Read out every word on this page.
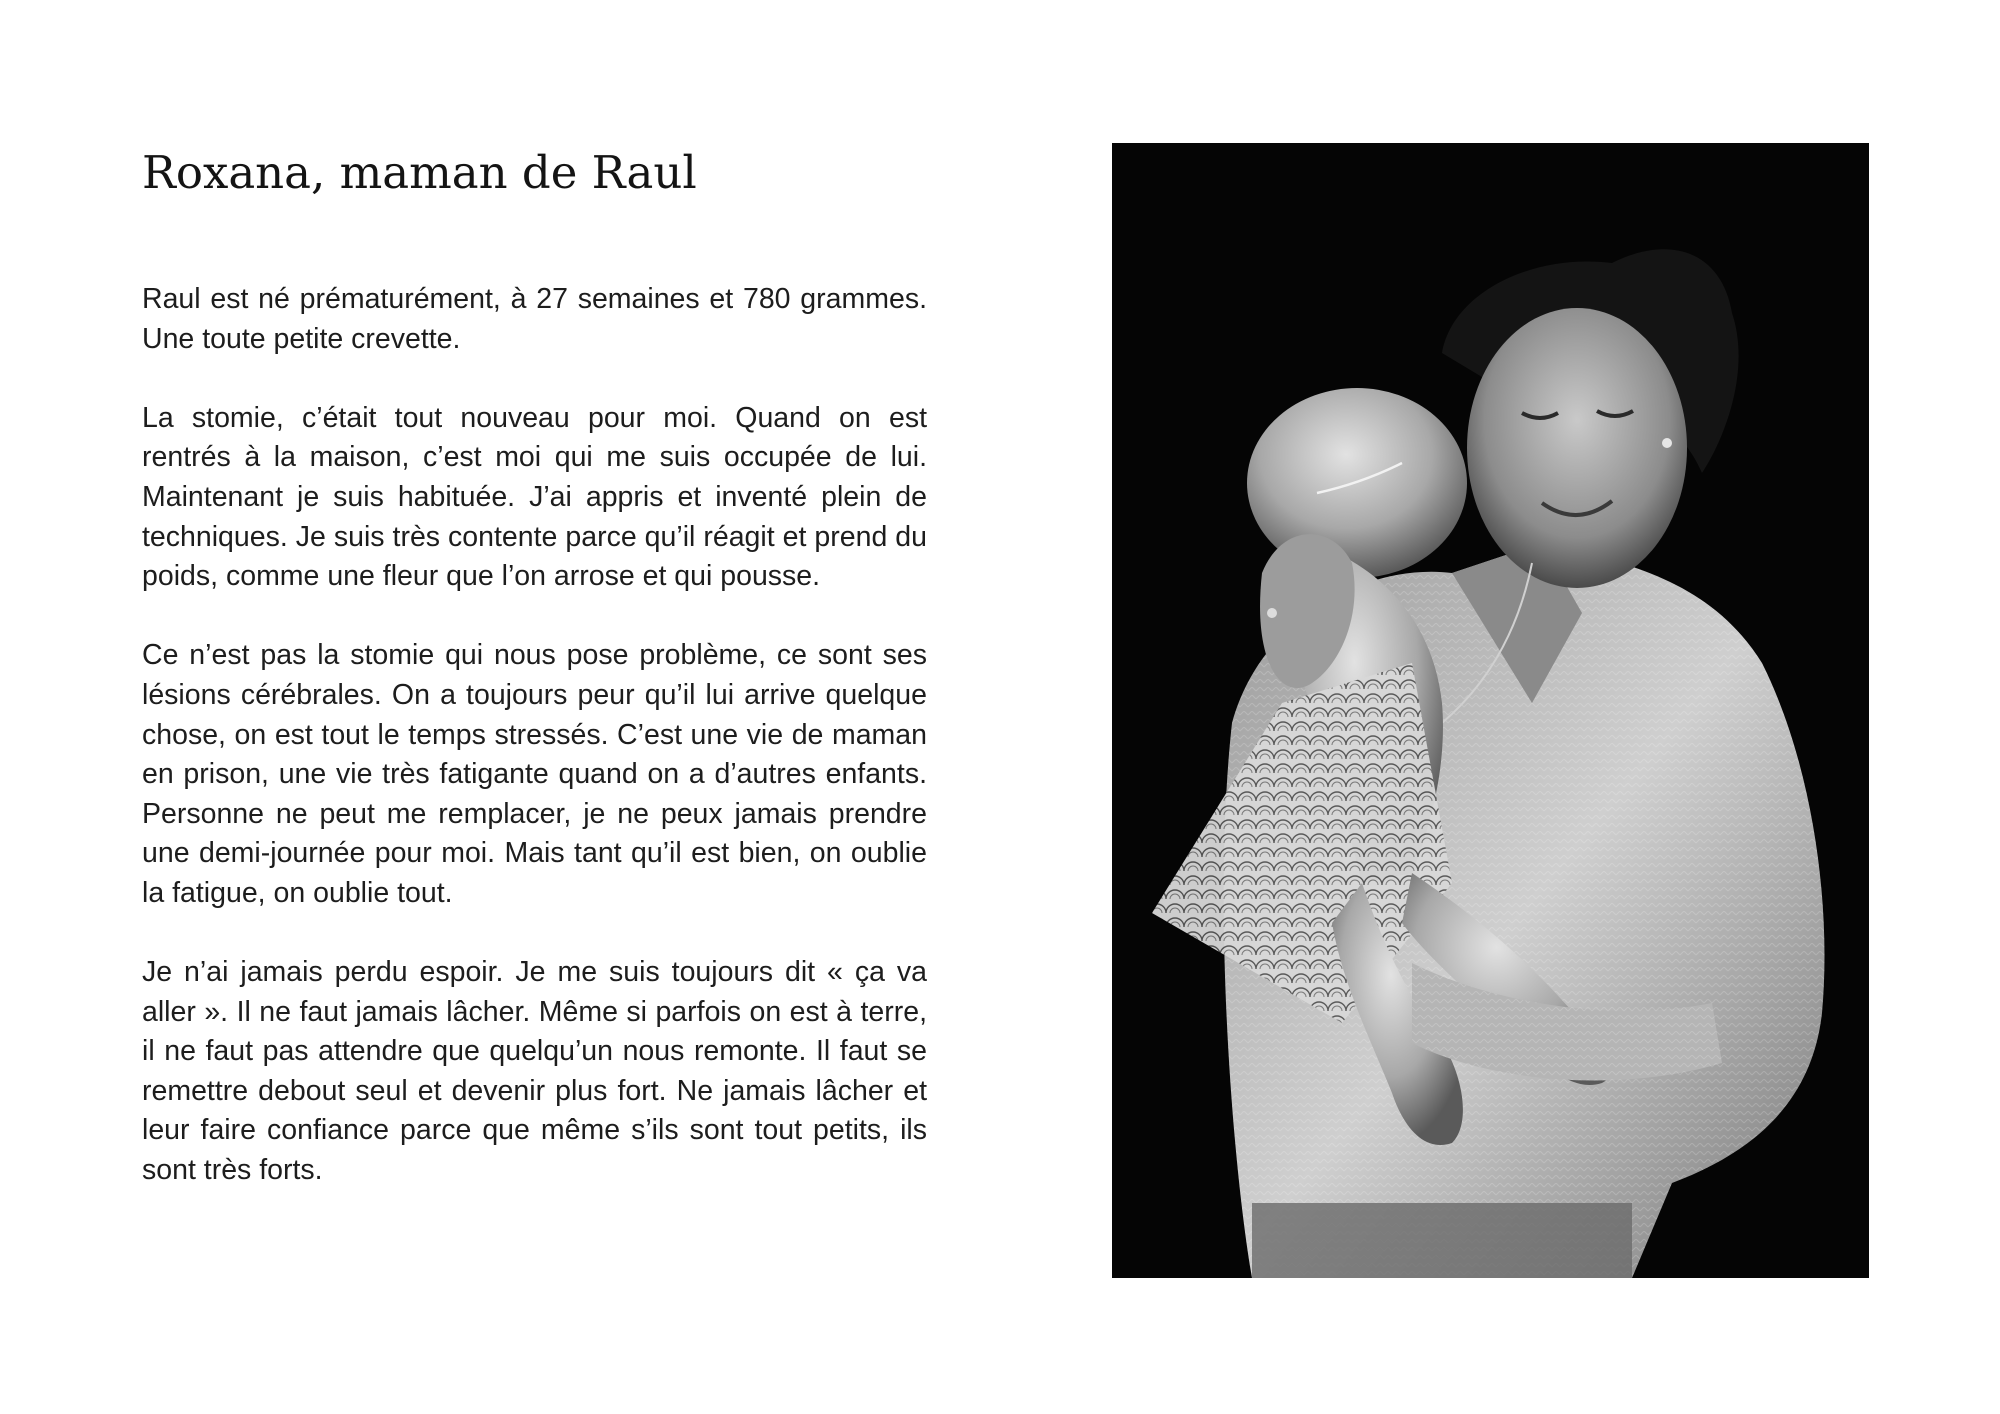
Roxana, maman de Raul

Raul est né prématurément, à 27 semaines et 780 grammes. Une toute petite crevette.

La stomie, c’était tout nouveau pour moi. Quand on est rentrés à la maison, c’est moi qui me suis occupée de lui. Maintenant je suis habituée. J’ai appris et inventé plein de techniques. Je suis très contente parce qu’il réagit et prend du poids, comme une fleur que l’on arrose et qui pousse.

Ce n’est pas la stomie qui nous pose problème, ce sont ses lésions cérébrales. On a toujours peur qu’il lui arrive quelque chose, on est tout le temps stressés. C’est une vie de maman en prison, une vie très fatigante quand on a d’autres enfants. Personne ne peut me remplacer, je ne peux jamais prendre une demi-journée pour moi. Mais tant qu’il est bien, on oublie la fatigue, on oublie tout.

Je n’ai jamais perdu espoir. Je me suis toujours dit « ça va aller ». Il ne faut jamais lâcher. Même si parfois on est à terre, il ne faut pas attendre que quelqu’un nous remonte. Il faut se remettre debout seul et devenir plus fort. Ne jamais lâcher et leur faire confiance parce que même s’ils sont tout petits, ils sont très forts.
